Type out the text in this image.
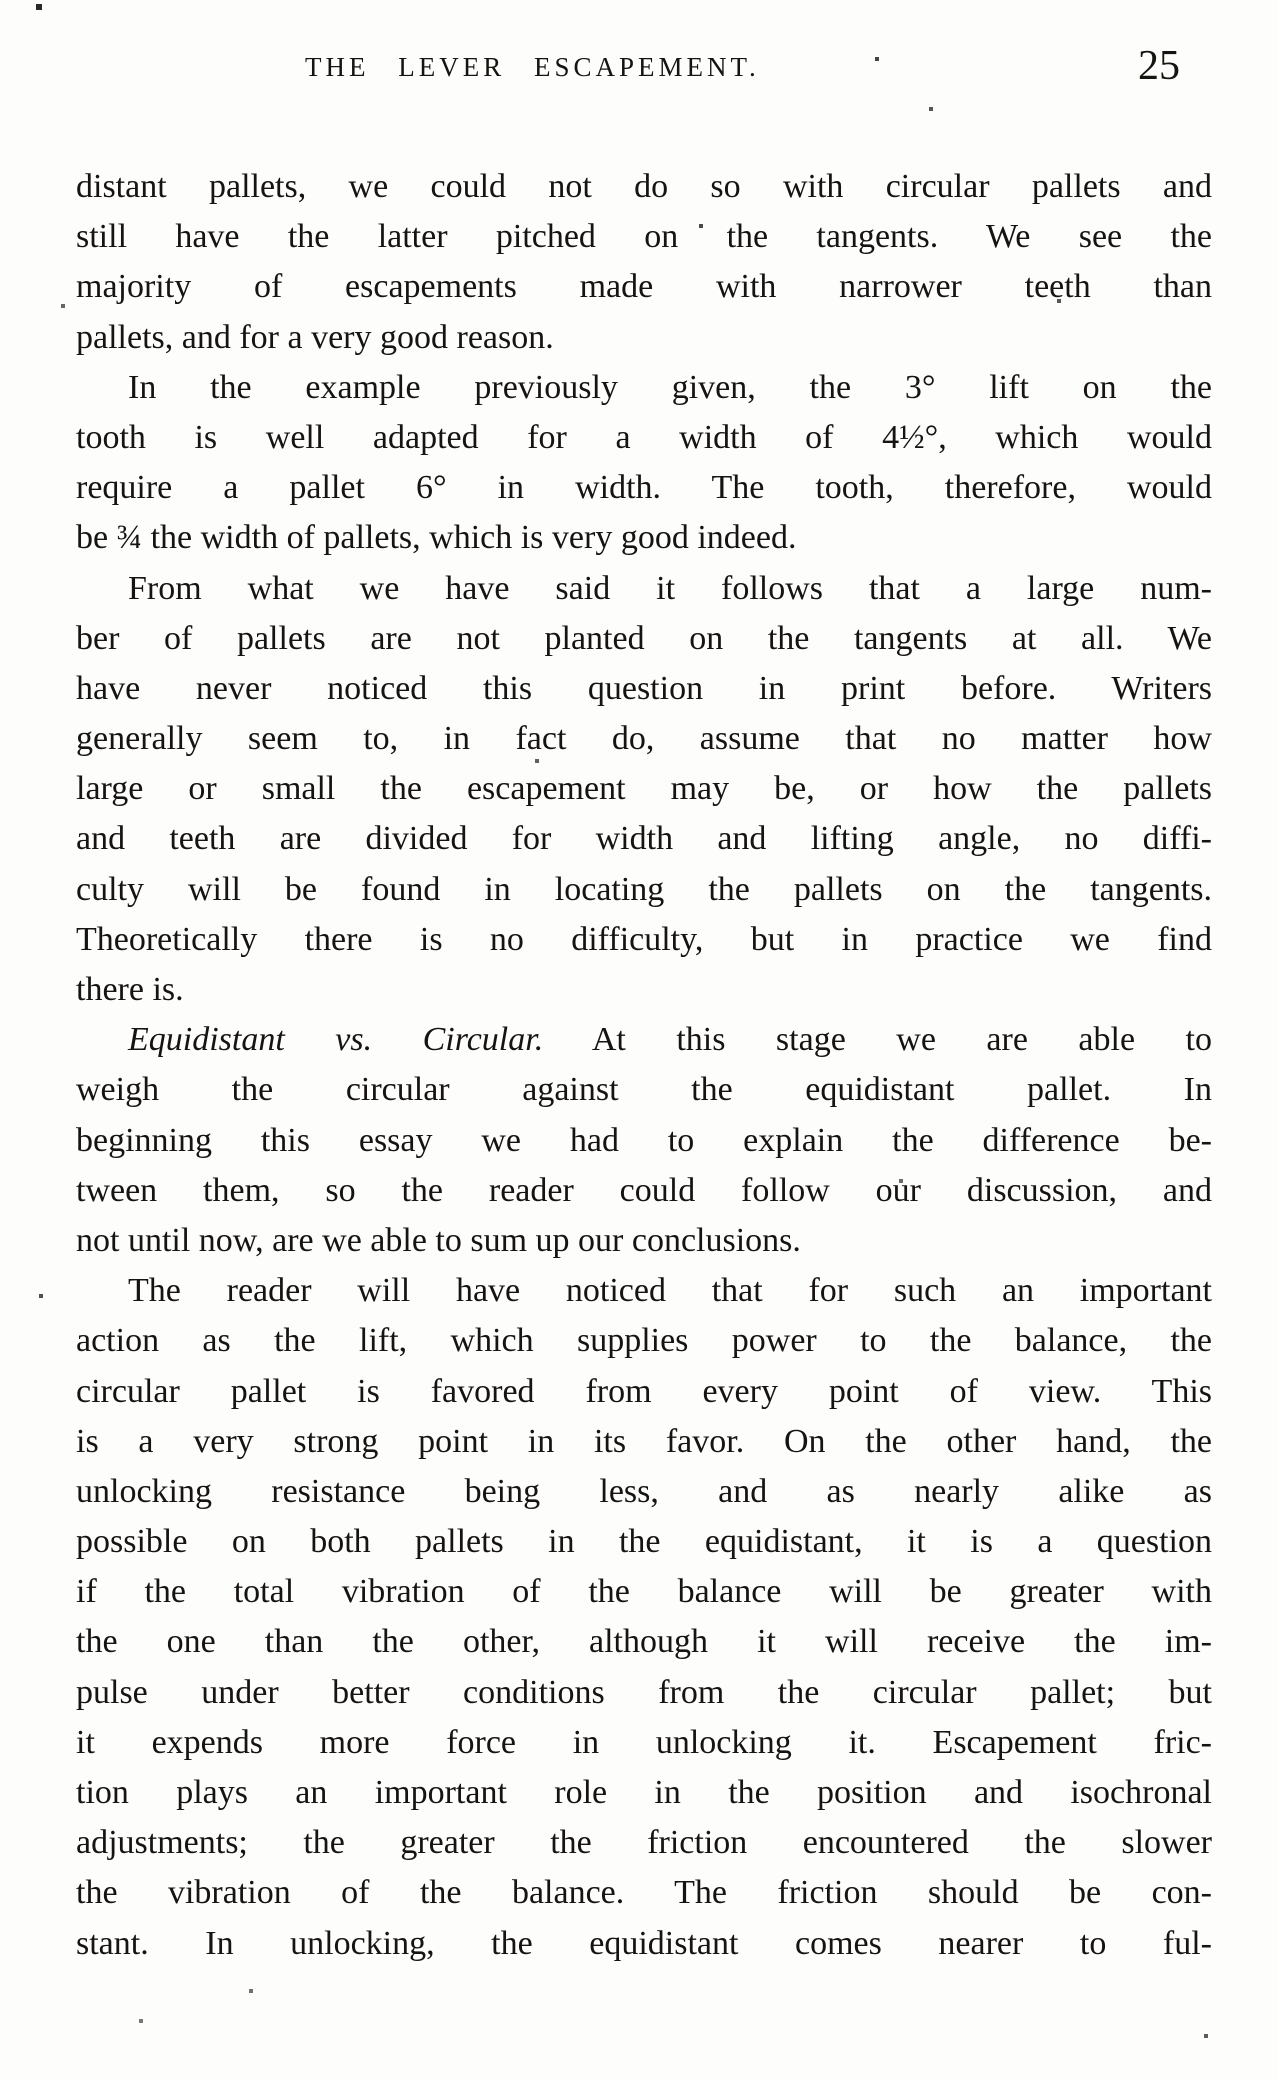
THE LEVER ESCAPEMENT.	25
distant pallets, we could not do so with circular pallets and
still have the latter pitched on the tangents. We see the
majority of escapements made with narrower teeth than
pallets, and for a very good reason.
In the example previously given, the 3° lift on the
tooth is well adapted for a width of 4½°, which would
require a pallet 6° in width. The tooth, therefore, would
be ¾ the width of pallets, which is very good indeed.
From what we have said it follows that a large num-
ber of pallets are not planted on the tangents at all. We
have never noticed this question in print before. Writers
generally seem to, in fact do, assume that no matter how
large or small the escapement may be, or how the pallets
and teeth are divided for width and lifting angle, no diffi-
culty will be found in locating the pallets on the tangents.
Theoretically there is no difficulty, but in practice we find
there is.
Equidistant vs. Circular. At this stage we are able to
weigh the circular against the equidistant pallet. In
beginning this essay we had to explain the difference be-
tween them, so the reader could follow our discussion, and
not until now, are we able to sum up our conclusions.
The reader will have noticed that for such an important
action as the lift, which supplies power to the balance, the
circular pallet is favored from every point of view. This
is a very strong point in its favor. On the other hand, the
unlocking resistance being less, and as nearly alike as
possible on both pallets in the equidistant, it is a question
if the total vibration of the balance will be greater with
the one than the other, although it will receive the im-
pulse under better conditions from the circular pallet; but
it expends more force in unlocking it. Escapement fric-
tion plays an important role in the position and isochronal
adjustments; the greater the friction encountered the slower
the vibration of the balance. The friction should be con-
stant. In unlocking, the equidistant comes nearer to ful-
